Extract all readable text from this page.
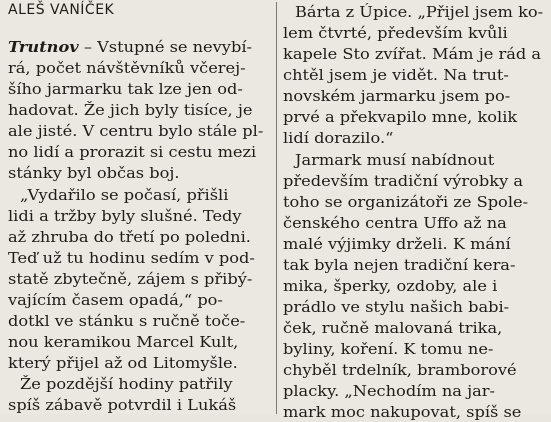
ALEŠ VANÍČEK
Trutnov – Vstupné se nevybí-
rá, počet návštěvníků včerej-
šího jarmarku tak lze jen od-
hadovat. Že jich byly tisíce, je
ale jisté. V centru bylo stále pl-
no lidí a prorazit si cestu mezi
stánky byl občas boj.
„Vydařilo se počasí, přišli
lidi a tržby byly slušné. Tedy
až zhruba do třetí po poledni.
Teď už tu hodinu sedím v pod-
statě zbytečně, zájem s přibý-
vajícím časem opadá,“ po-
dotkl ve stánku s ručně toče-
nou keramikou Marcel Kult,
který přijel až od Litomyšle.
Že pozdější hodiny patřily
spíš zábavě potvrdil i Lukáš
Bárta z Úpice. „Přijel jsem ko-
lem čtvrté, především kvůli
kapele Sto zvířat. Mám je rád a
chtěl jsem je vidět. Na trut-
novském jarmarku jsem po-
prvé a překvapilo mne, kolik
lidí dorazilo.“
Jarmark musí nabídnout
především tradiční výrobky a
toho se organizátoři ze Spole-
čenského centra Uffo až na
malé výjimky drželi. K mání
tak byla nejen tradiční kera-
mika, šperky, ozdoby, ale i
prádlo ve stylu našich babi-
ček, ručně malovaná trika,
byliny, koření. K tomu ne-
chyběl trdelník, bramborové
placky. „Nechodím na jar-
mark moc nakupovat, spíš se
